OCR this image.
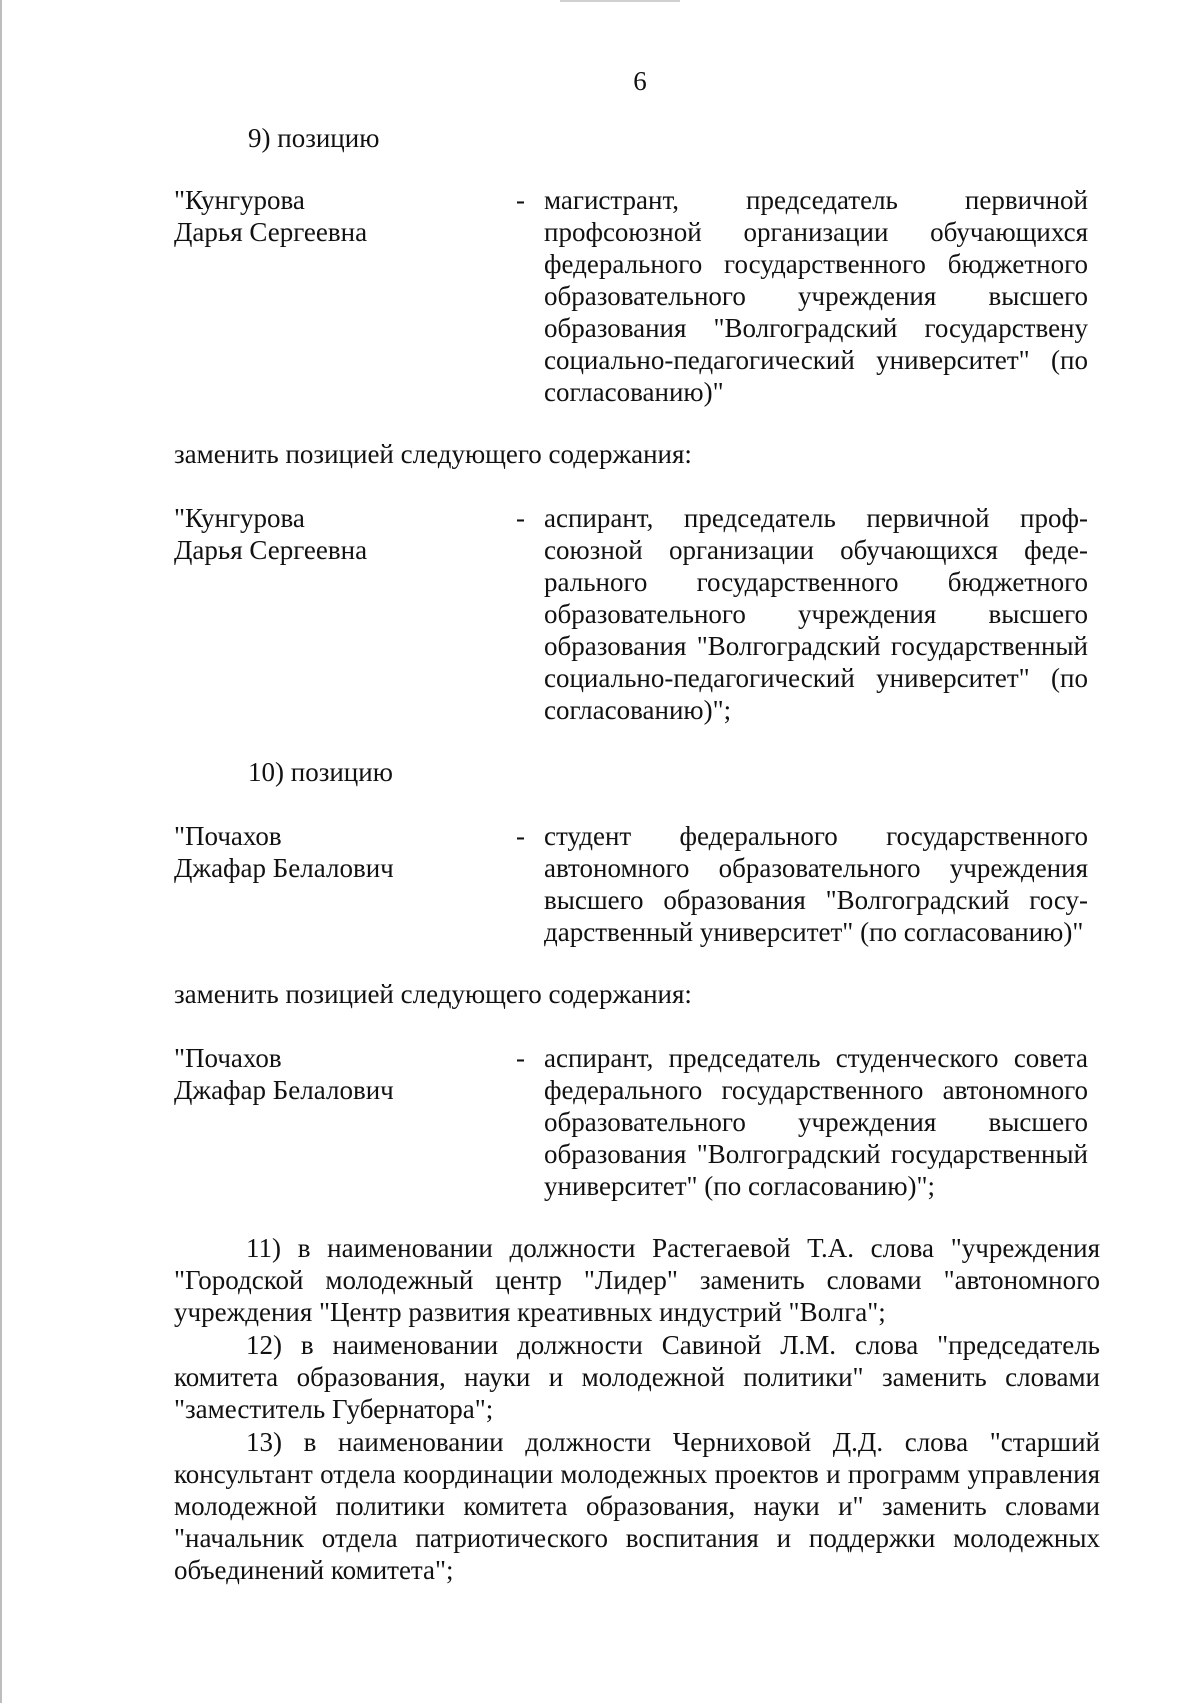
6
9) позицию
"Кунгурова
Дарья Сергеевна
- магистрант, председатель первичной профсоюзной организации обучающихся федерального государственного бюджетного образовательного учреждения высшего образования "Волгоградский государственy социально-педагогический университет" (по согласованию)"
заменить позицией следующего содержания:
"Кунгурова
Дарья Сергеевна
- аспирант, председатель первичной профсоюзной организации обучающихся федерального государственного бюджетного образовательного учреждения высшего образования "Волгоградский государственный социально-педагогический университет" (по согласованию)";
10) позицию
"Почахов
Джафар Белалович
- студент федерального государственного автономного образовательного учреждения высшего образования "Волгоградский государственный университет" (по согласованию)"
заменить позицией следующего содержания:
"Почахов
Джафар Белалович
- аспирант, председатель студенческого совета федерального государственного автономного образовательного учреждения высшего образования "Волгоградский государственный университет" (по согласованию)";

11) в наименовании должности Растегаевой Т.А. слова "учреждения "Городской молодежный центр "Лидер" заменить словами "автономного учреждения "Центр развития креативных индустрий "Волга";

12) в наименовании должности Савиной Л.М. слова "председатель комитета образования, науки и молодежной политики" заменить словами "заместитель Губернатора";

13) в наименовании должности Черниховой Д.Д. слова "старший консультант отдела координации молодежных проектов и программ управления молодежной политики комитета образования, науки и" заменить словами "начальник отдела патриотического воспитания и поддержки молодежных объединений комитета";
